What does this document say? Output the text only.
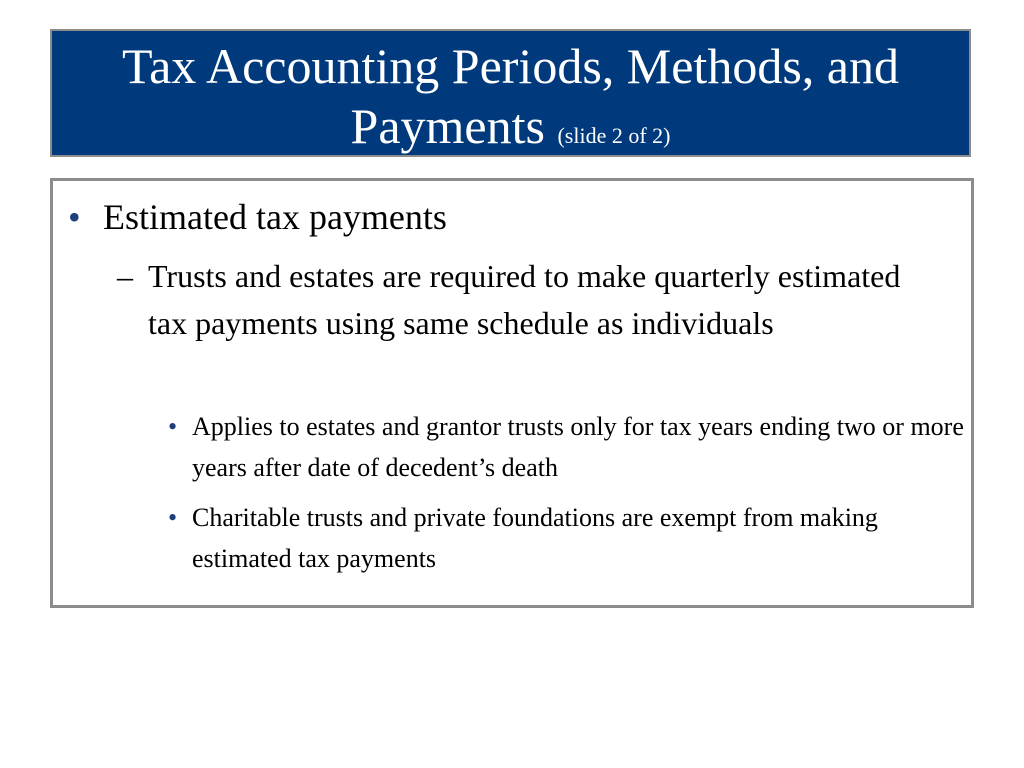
Tax Accounting Periods, Methods, and
Payments (slide 2 of 2)
• Estimated tax payments
– Trusts and estates are required to make quarterly estimated tax payments using same schedule as individuals
• Applies to estates and grantor trusts only for tax years ending two or more years after date of decedent’s death
• Charitable trusts and private foundations are exempt from making estimated tax payments
